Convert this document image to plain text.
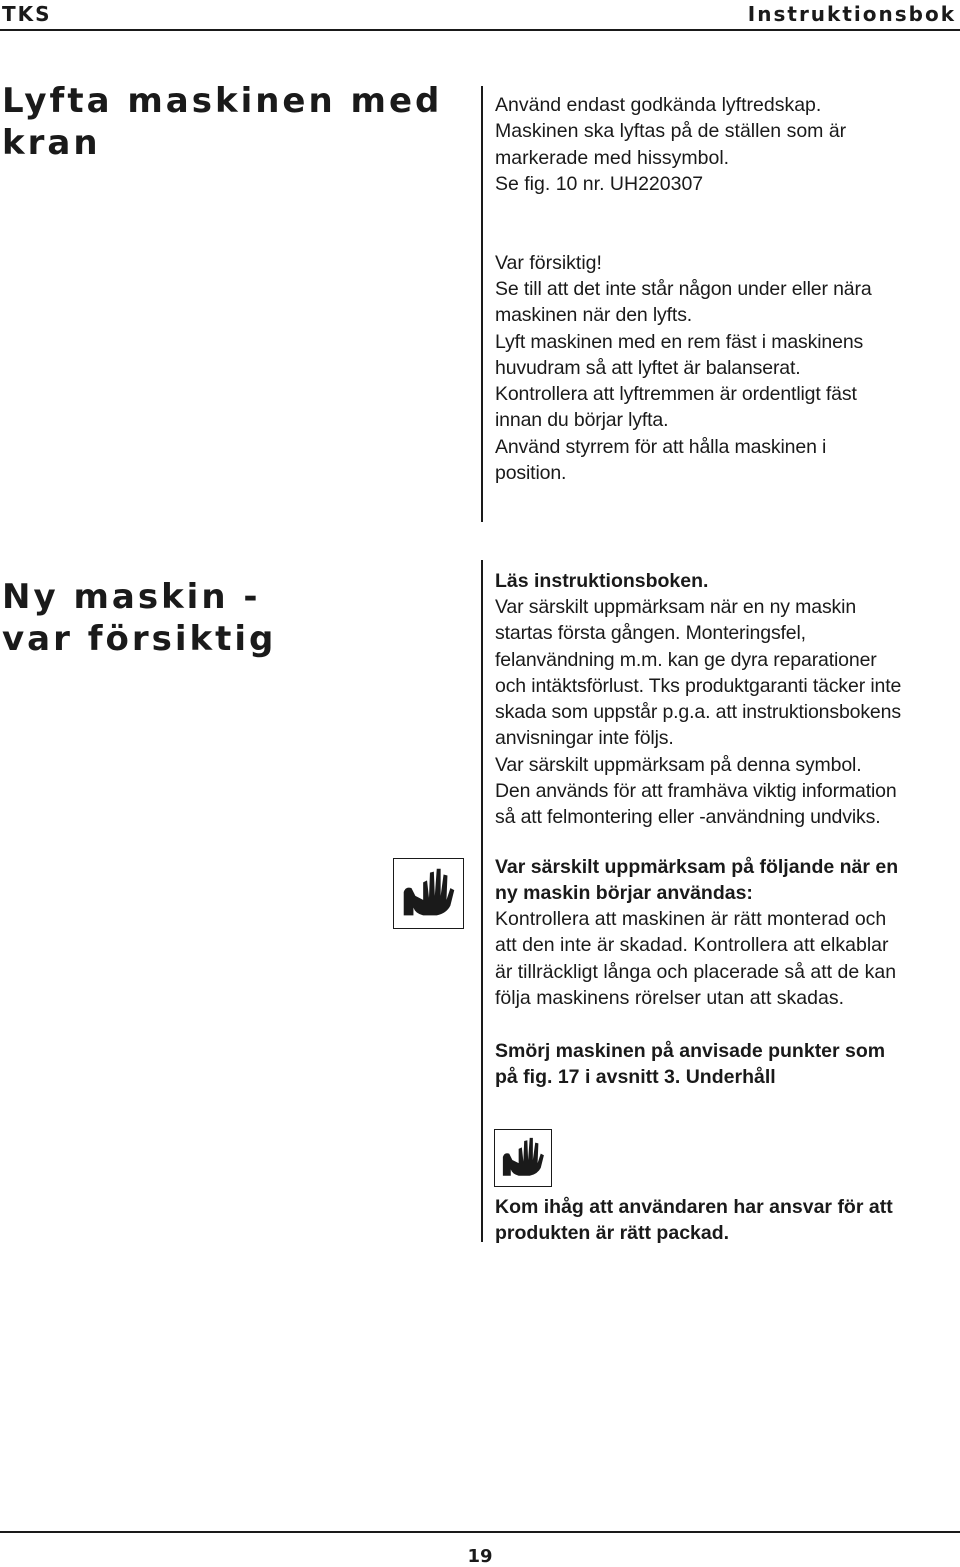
TKS	Instruktionsbok
Lyfta maskinen med
kran

Använd endast godkända lyftredskap.
Maskinen ska lyftas på de ställen som är
markerade med hissymbol.
Se fig. 10 nr. UH220307

Var försiktig!

Se till att det inte står någon under eller nära
maskinen när den lyfts.
Lyft maskinen med en rem fäst i maskinens
huvudram så att lyftet är balanserat.
Kontrollera att lyftremmen är ordentligt fäst
innan du börjar lyfta.
Använd styrrem för att hålla maskinen i
position.

Ny maskin -
var försiktig

Läs instruktionsboken.

Var särskilt uppmärksam när en ny maskin
startas första gången. Monteringsfel,
felanvändning m.m. kan ge dyra reparationer
och intäktsförlust. Tks produktgaranti täcker inte
skada som uppstår p.g.a. att instruktionsbokens
anvisningar inte följs.
Var särskilt uppmärksam på denna symbol.
Den används för att framhäva viktig information
så att felmontering eller -användning undviks.

Var särskilt uppmärksam på följande när en
ny maskin börjar användas:

Kontrollera att maskinen är rätt monterad och
att den inte är skadad. Kontrollera att elkablar
är tillräckligt långa och placerade så att de kan
följa maskinens rörelser utan att skadas.

Smörj maskinen på anvisade punkter som
på fig. 17 i avsnitt 3. Underhåll

Kom ihåg att användaren har ansvar för att
produkten är rätt packad.

19
